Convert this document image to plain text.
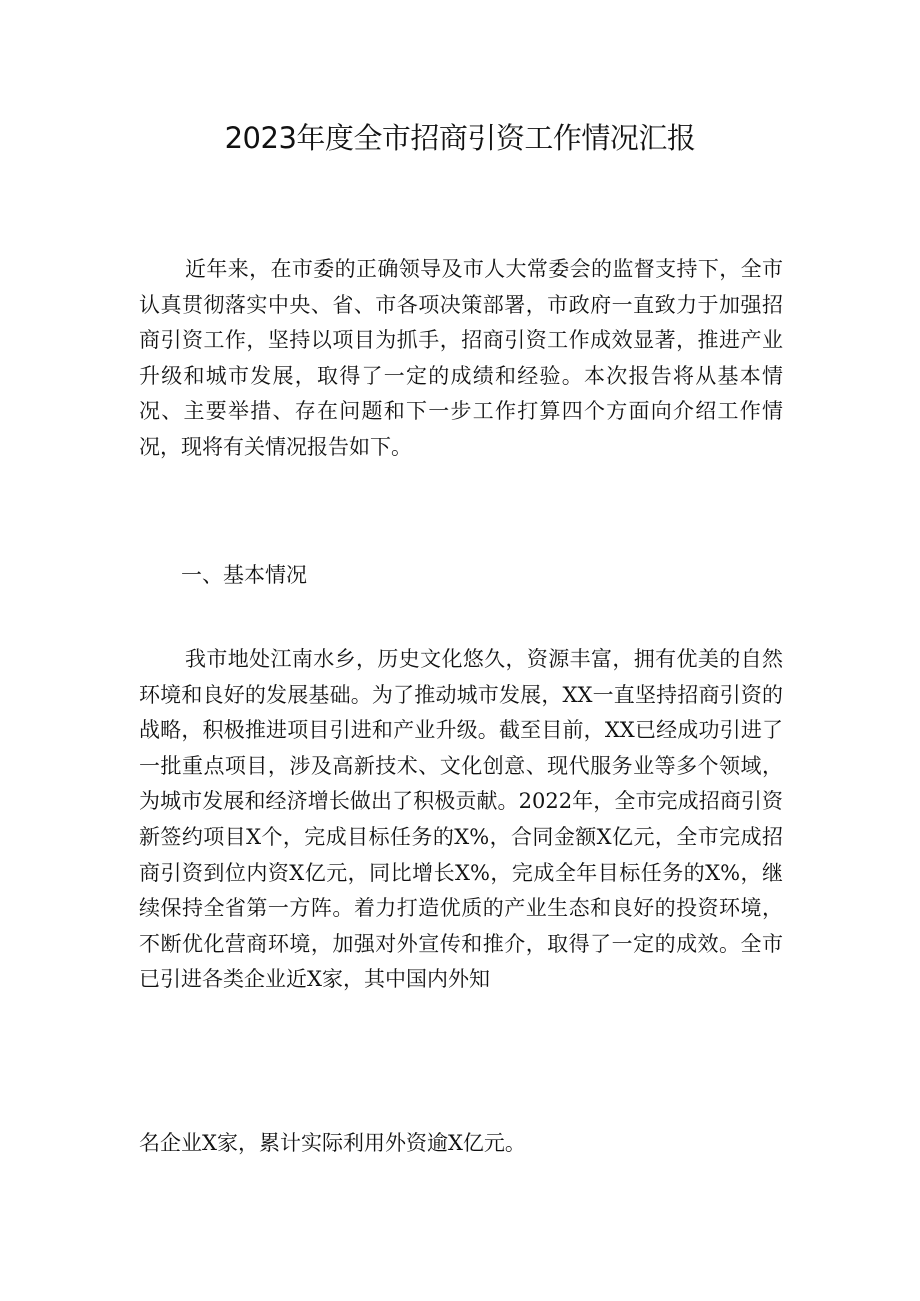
2023年度全市招商引资工作情况汇报

近年来，在市委的正确领导及市人大常委会的监督支持下，全市认真贯彻落实中央、省、市各项决策部署，市政府一直致力于加强招商引资工作，坚持以项目为抓手，招商引资工作成效显著，推进产业升级和城市发展，取得了一定的成绩和经验。本次报告将从基本情况、主要举措、存在问题和下一步工作打算四个方面向介绍工作情况，现将有关情况报告如下。

一、基本情况

我市地处江南水乡，历史文化悠久，资源丰富，拥有优美的自然环境和良好的发展基础。为了推动城市发展，XX一直坚持招商引资的战略，积极推进项目引进和产业升级。截至目前，XX已经成功引进了一批重点项目，涉及高新技术、文化创意、现代服务业等多个领域，为城市发展和经济增长做出了积极贡献。2022年，全市完成招商引资新签约项目X个，完成目标任务的X%，合同金额X亿元，全市完成招商引资到位内资X亿元，同比增长X%，完成全年目标任务的X%，继续保持全省第一方阵。着力打造优质的产业生态和良好的投资环境，不断优化营商环境，加强对外宣传和推介，取得了一定的成效。全市已引进各类企业近X家，其中国内外知

名企业X家，累计实际利用外资逾X亿元。
